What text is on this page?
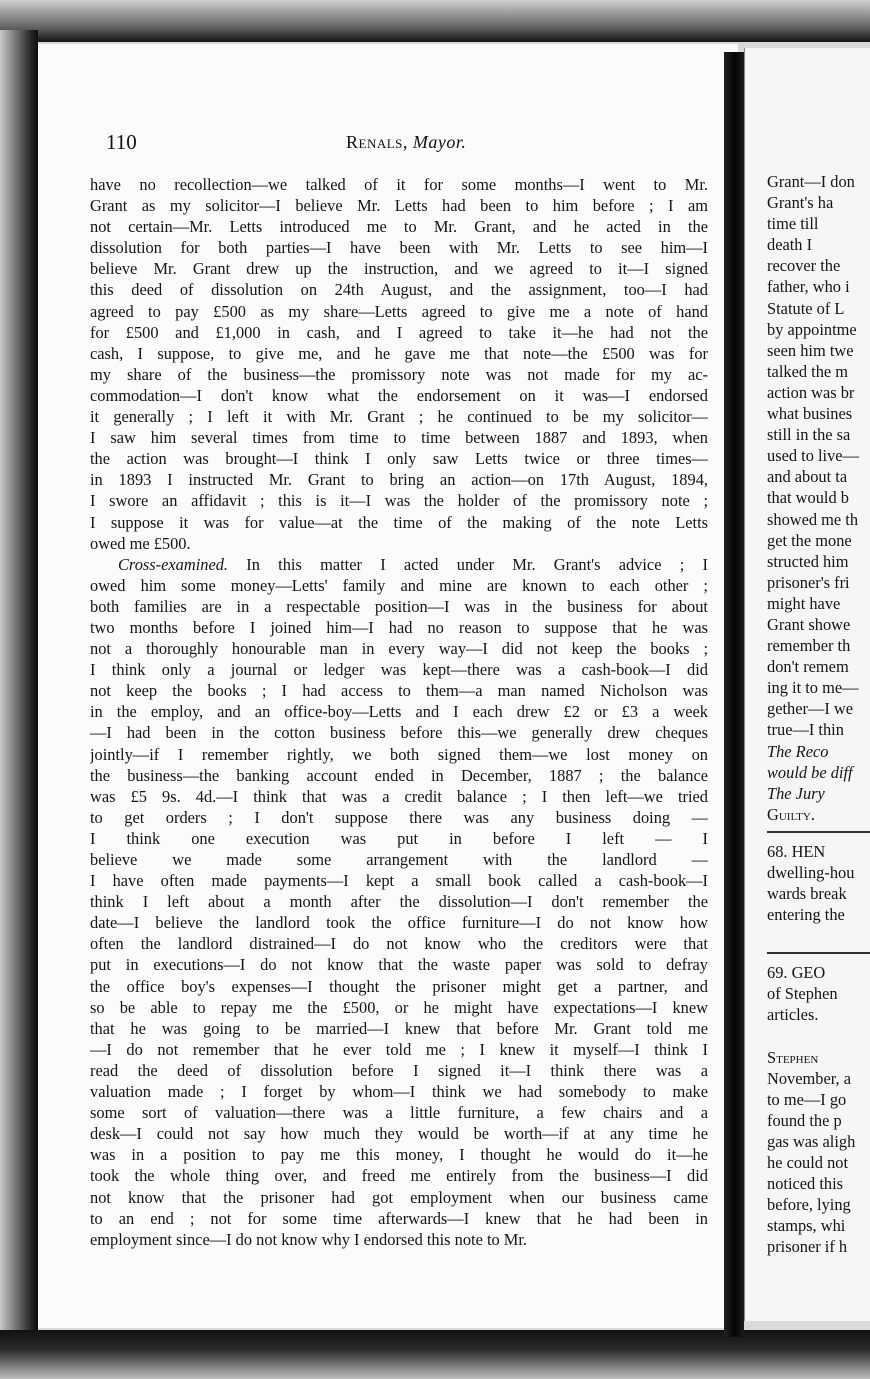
110	Renals, Mayor.
have no recollection—we talked of it for some months—I went to Mr.
Grant as my solicitor—I believe Mr. Letts had been to him before ; I am
not certain—Mr. Letts introduced me to Mr. Grant, and he acted in the
dissolution for both parties—I have been with Mr. Letts to see him—I
believe Mr. Grant drew up the instruction, and we agreed to it—I signed
this deed of dissolution on 24th August, and the assignment, too—I had
agreed to pay £500 as my share—Letts agreed to give me a note of hand
for £500 and £1,000 in cash, and I agreed to take it—he had not the
cash, I suppose, to give me, and he gave me that note—the £500 was for
my share of the business—the promissory note was not made for my ac-
commodation—I don't know what the endorsement on it was—I endorsed
it generally ; I left it with Mr. Grant ; he continued to be my solicitor—
I saw him several times from time to time between 1887 and 1893, when
the action was brought—I think I only saw Letts twice or three times—
in 1893 I instructed Mr. Grant to bring an action—on 17th August, 1894,
I swore an affidavit ; this is it—I was the holder of the promissory note ;
I suppose it was for value—at the time of the making of the note Letts
owed me £500.
Cross-examined. In this matter I acted under Mr. Grant's advice ; I
owed him some money—Letts' family and mine are known to each other ;
both families are in a respectable position—I was in the business for about
two months before I joined him—I had no reason to suppose that he was
not a thoroughly honourable man in every way—I did not keep the books ;
I think only a journal or ledger was kept—there was a cash-book—I did
not keep the books ; I had access to them—a man named Nicholson was
in the employ, and an office-boy—Letts and I each drew £2 or £3 a week
—I had been in the cotton business before this—we generally drew cheques
jointly—if I remember rightly, we both signed them—we lost money on
the business—the banking account ended in December, 1887 ; the balance
was £5 9s. 4d.—I think that was a credit balance ; I then left—we tried
to get orders ; I don't suppose there was any business doing —
I think one execution was put in before I left — I
believe we made some arrangement with the landlord —
I have often made payments—I kept a small book called a cash-book—I
think I left about a month after the dissolution—I don't remember the
date—I believe the landlord took the office furniture—I do not know how
often the landlord distrained—I do not know who the creditors were that
put in executions—I do not know that the waste paper was sold to defray
the office boy's expenses—I thought the prisoner might get a partner, and
so be able to repay me the £500, or he might have expectations—I knew
that he was going to be married—I knew that before Mr. Grant told me
—I do not remember that he ever told me ; I knew it myself—I think I
read the deed of dissolution before I signed it—I think there was a
valuation made ; I forget by whom—I think we had somebody to make
some sort of valuation—there was a little furniture, a few chairs and a
desk—I could not say how much they would be worth—if at any time he
was in a position to pay me this money, I thought he would do it—he
took the whole thing over, and freed me entirely from the business—I did
not know that the prisoner had got employment when our business came
to an end ; not for some time afterwards—I knew that he had been in
employment since—I do not know why I endorsed this note to Mr.
Grant—I don
Grant's ha
time till
death I
recover the
father, who i
Statute of L
by appointme
seen him twe
talked the m
action was br
what busines
still in the sa
used to live—
and about ta
that would b
showed me th
get the mone
structed him
prisoner's fri
might have
Grant showe
remember th
don't remem
ing it to me—
gether—I we
true—I thin
The Reco
would be diff
The Jury
Guilty.
68. HEN
dwelling-hou
wards break
entering the
69. GEO
of Stephen
articles.
Stephen
November, a
to me—I go
found the p
gas was aligh
he could not
noticed this
before, lying
stamps, whi
prisoner if h
